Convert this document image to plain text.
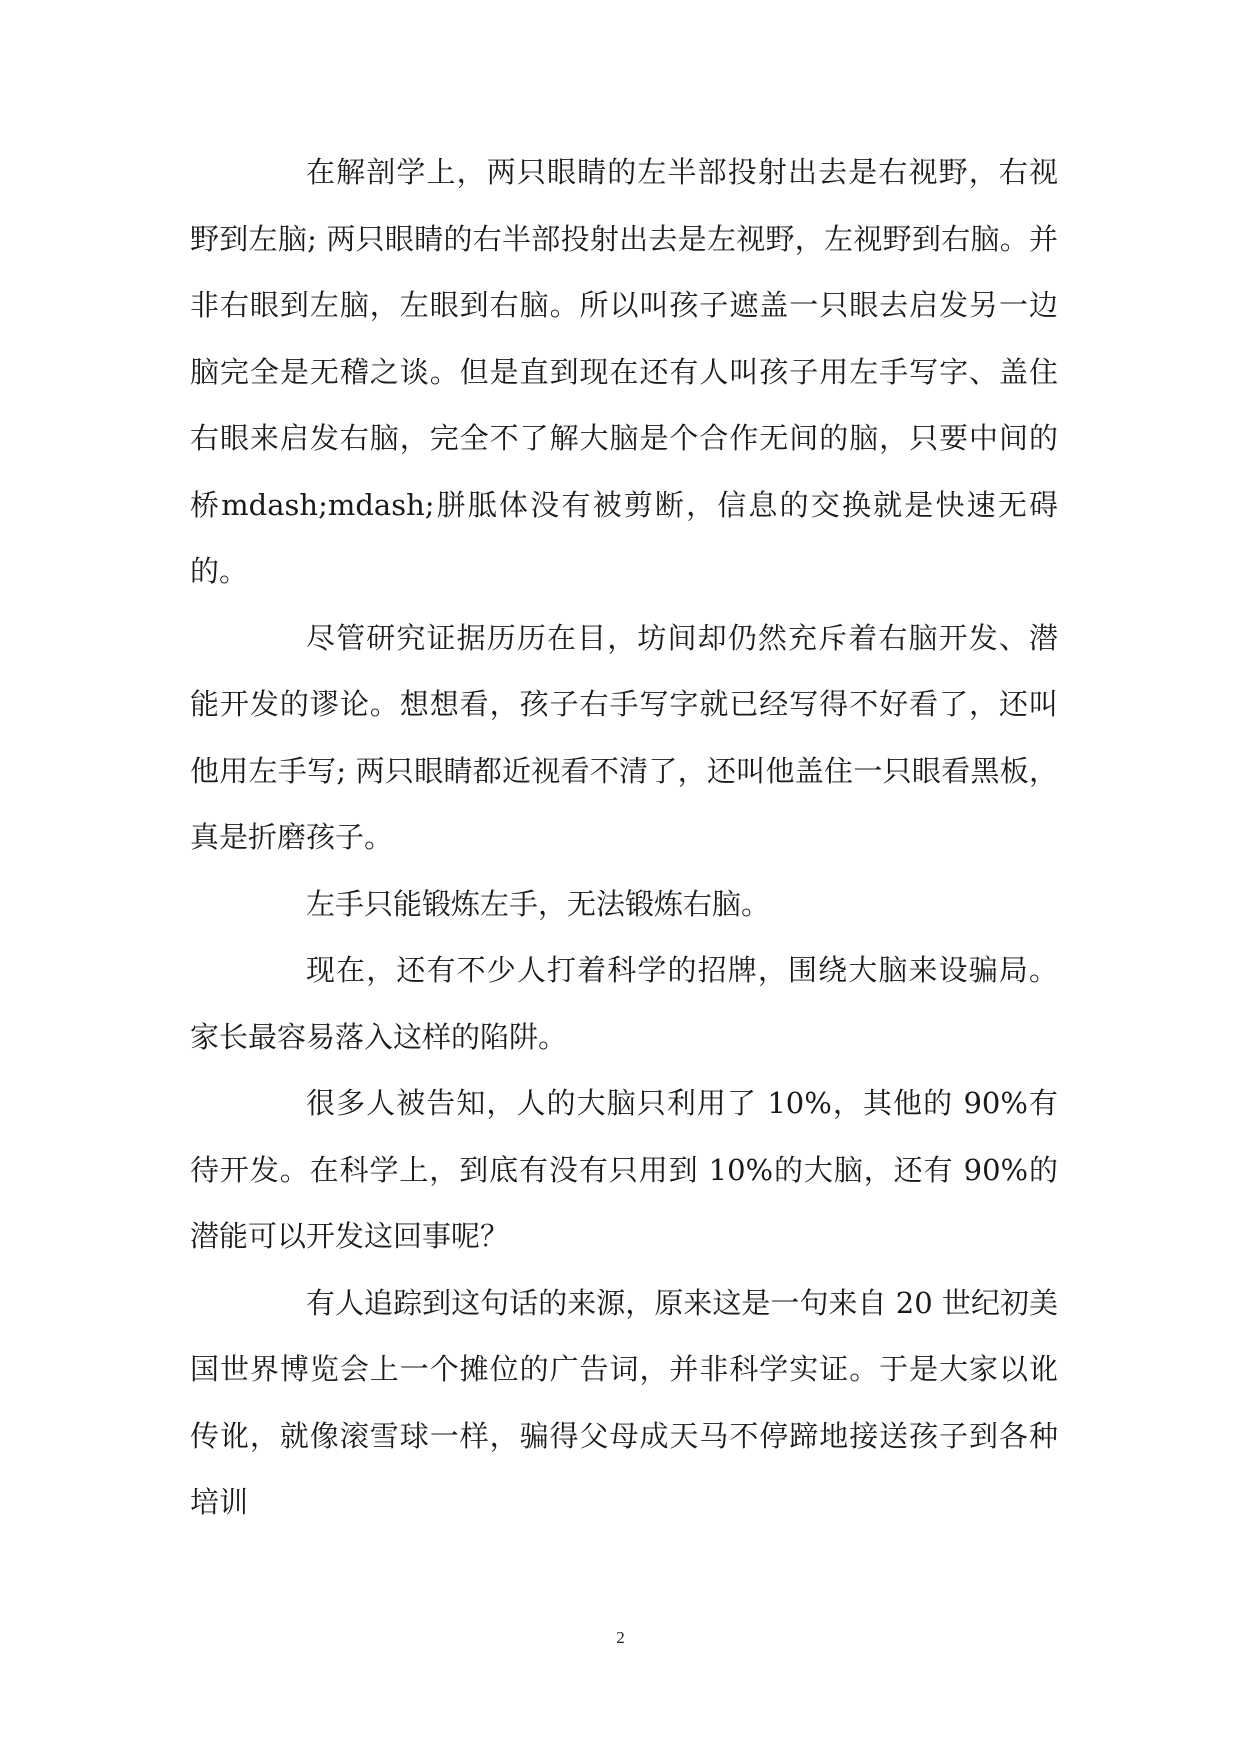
在解剖学上，两只眼睛的左半部投射出去是右视野，右视野到左脑; 两只眼睛的右半部投射出去是左视野，左视野到右脑。并非右眼到左脑，左眼到右脑。所以叫孩子遮盖一只眼去启发另一边脑完全是无稽之谈。但是直到现在还有人叫孩子用左手写字、盖住右眼来启发右脑，完全不了解大脑是个合作无间的脑，只要中间的桥mdash;mdash;胼胝体没有被剪断，信息的交换就是快速无碍的。

尽管研究证据历历在目，坊间却仍然充斥着右脑开发、潜能开发的谬论。想想看，孩子右手写字就已经写得不好看了，还叫他用左手写; 两只眼睛都近视看不清了，还叫他盖住一只眼看黑板，真是折磨孩子。

左手只能锻炼左手，无法锻炼右脑。

现在，还有不少人打着科学的招牌，围绕大脑来设骗局。家长最容易落入这样的陷阱。

很多人被告知，人的大脑只利用了 10%，其他的 90%有待开发。在科学上，到底有没有只用到 10%的大脑，还有 90%的潜能可以开发这回事呢？

有人追踪到这句话的来源，原来这是一句来自 20 世纪初美国世界博览会上一个摊位的广告词，并非科学实证。于是大家以讹传讹，就像滚雪球一样，骗得父母成天马不停蹄地接送孩子到各种培训

2
